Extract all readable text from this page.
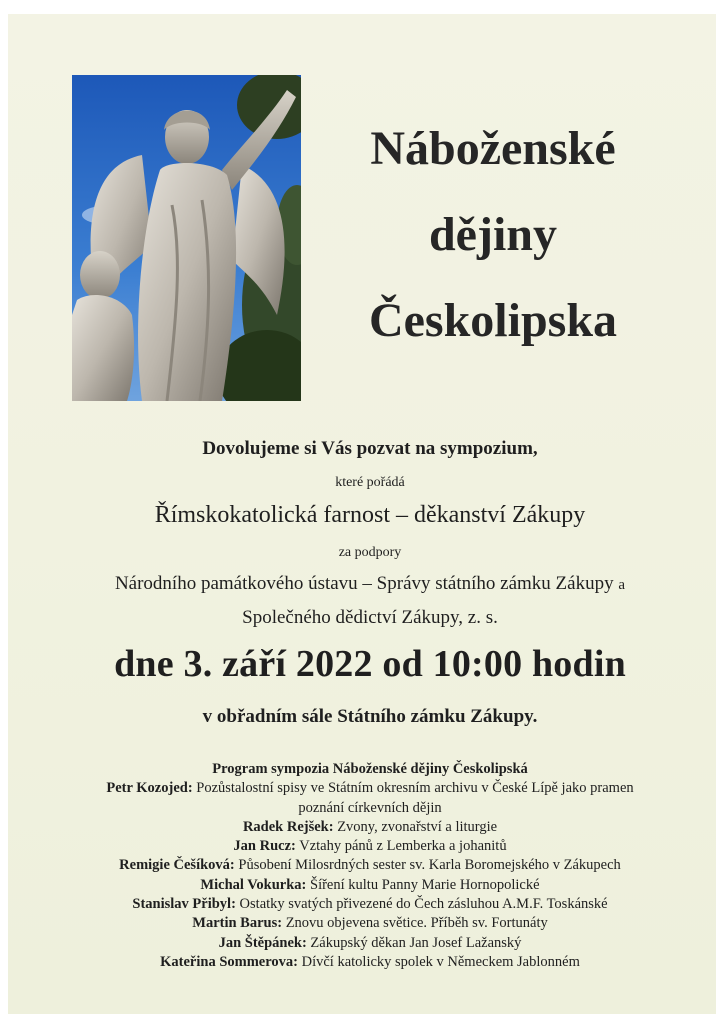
Náboženské
dějiny
Českolipska
Dovolujeme si Vás pozvat na sympozium,
které pořádá
Římskokatolická farnost – děkanství Zákupy
za podpory
Národního památkového ústavu – Správy státního zámku Zákupy a
Společného dědictví Zákupy, z. s.
dne 3. září 2022 od 10:00 hodin
v obřadním sále Státního zámku Zákupy.
Program sympozia Náboženské dějiny Českolipská
Petr Kozojed: Pozůstalostní spisy ve Státním okresním archivu v České Lípě jako pramen
poznání církevních dějin
Radek Rejšek: Zvony, zvonařství a liturgie
Jan Rucz: Vztahy pánů z Lemberka a johanitů
Remigie Češíková: Působení Milosrdných sester sv. Karla Boromejského v Zákupech
Michal Vokurka: Šíření kultu Panny Marie Hornopolické
Stanislav Přibyl: Ostatky svatých přivezené do Čech zásluhou A.M.F. Toskánské
Martin Barus: Znovu objevena světice. Příběh sv. Fortunáty
Jan Štěpánek: Zákupský děkan Jan Josef Lažanský
Kateřina Sommerova: Dívčí katolicky spolek v Německem Jablonném
